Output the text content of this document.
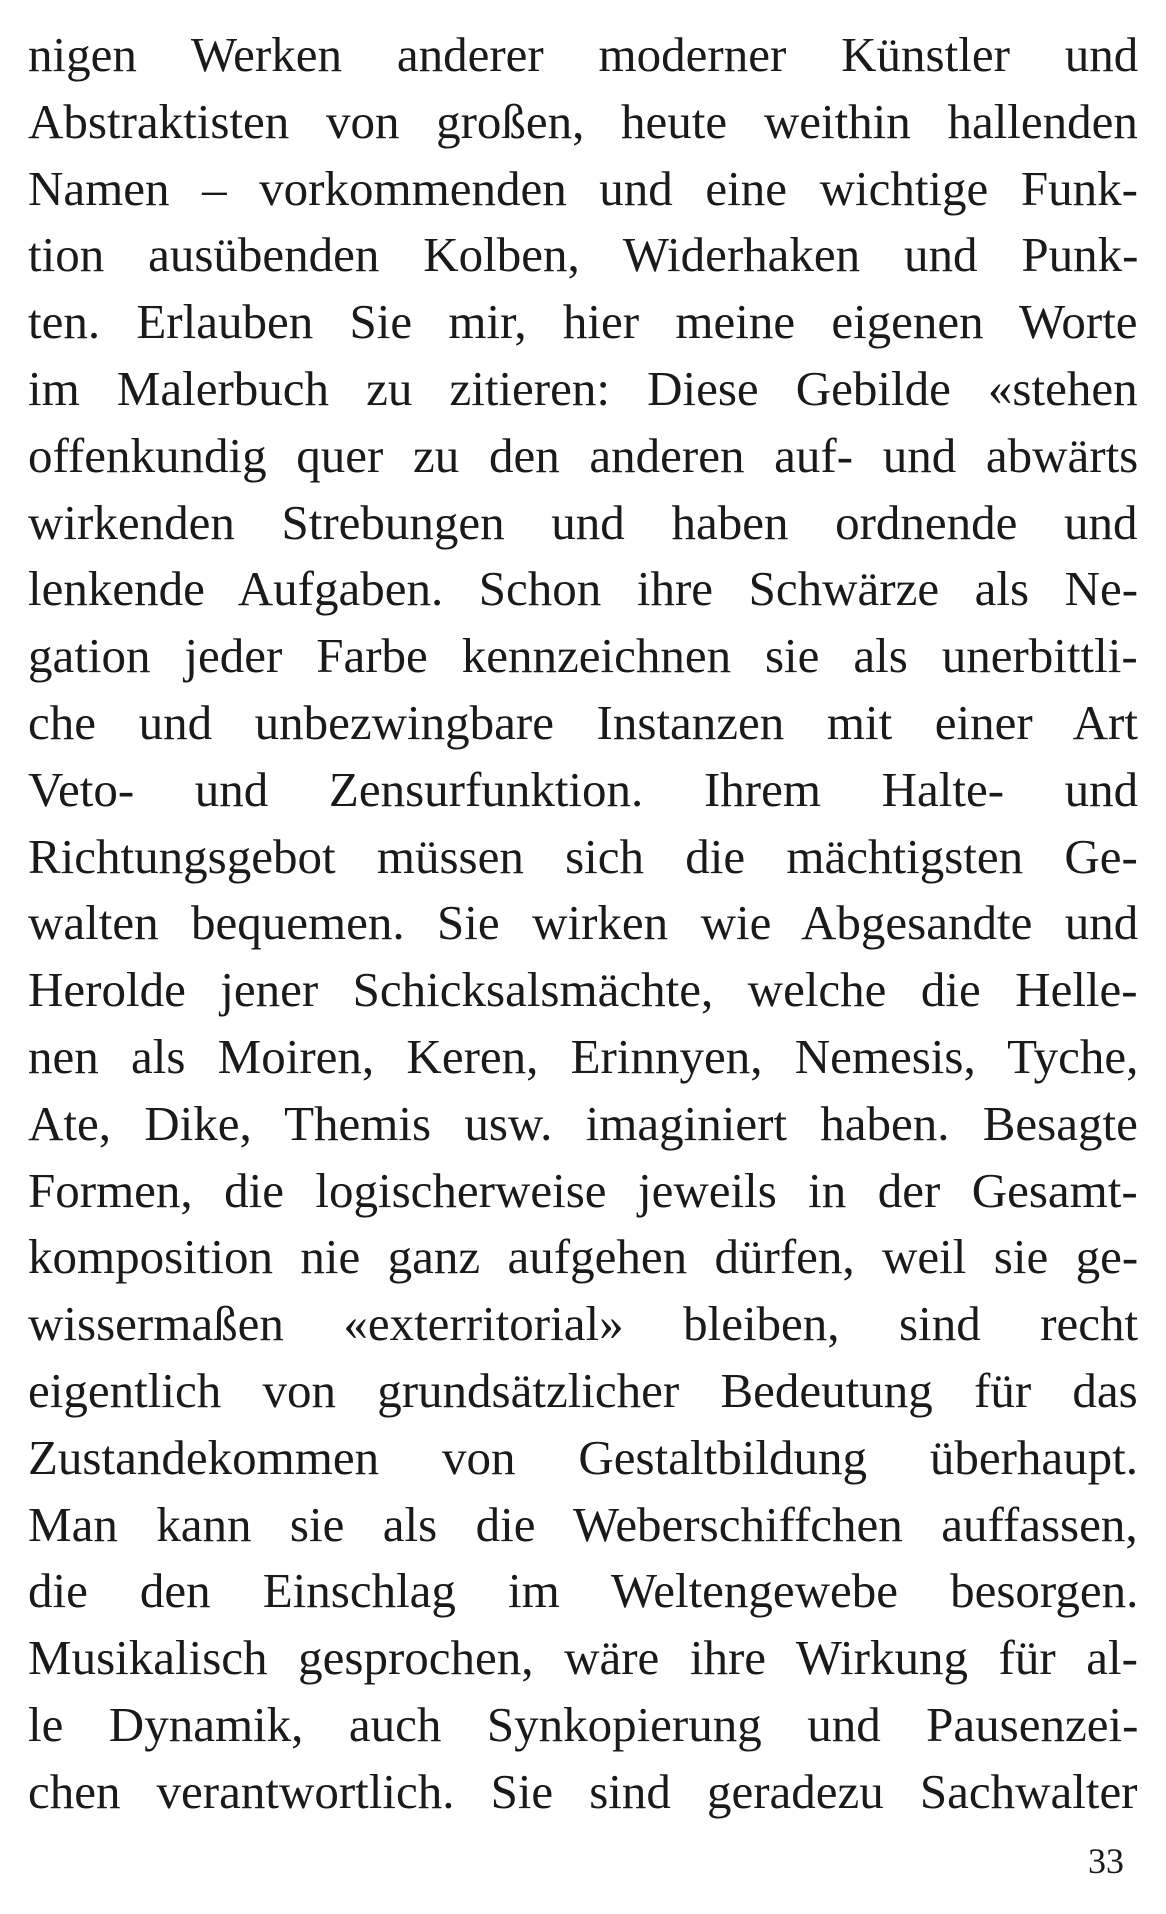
nigen Werken anderer moderner Künstler und
Abstraktisten von großen, heute weithin hallenden
Namen – vorkommenden und eine wichtige Funk-
tion ausübenden Kolben, Widerhaken und Punk-
ten. Erlauben Sie mir, hier meine eigenen Worte
im Malerbuch zu zitieren: Diese Gebilde «stehen
offenkundig quer zu den anderen auf- und abwärts
wirkenden Strebungen und haben ordnende und
lenkende Aufgaben. Schon ihre Schwärze als Ne-
gation jeder Farbe kennzeichnen sie als unerbittli-
che und unbezwingbare Instanzen mit einer Art
Veto- und Zensurfunktion. Ihrem Halte- und
Richtungsgebot müssen sich die mächtigsten Ge-
walten bequemen. Sie wirken wie Abgesandte und
Herolde jener Schicksalsmächte, welche die Helle-
nen als Moiren, Keren, Erinnyen, Nemesis, Tyche,
Ate, Dike, Themis usw. imaginiert haben. Besagte
Formen, die logischerweise jeweils in der Gesamt-
komposition nie ganz aufgehen dürfen, weil sie ge-
wissermaßen «exterritorial» bleiben, sind recht
eigentlich von grundsätzlicher Bedeutung für das
Zustandekommen von Gestaltbildung überhaupt.
Man kann sie als die Weberschiffchen auffassen,
die den Einschlag im Weltengewebe besorgen.
Musikalisch gesprochen, wäre ihre Wirkung für al-
le Dynamik, auch Synkopierung und Pausenzei-
chen verantwortlich. Sie sind geradezu Sachwalter
33
